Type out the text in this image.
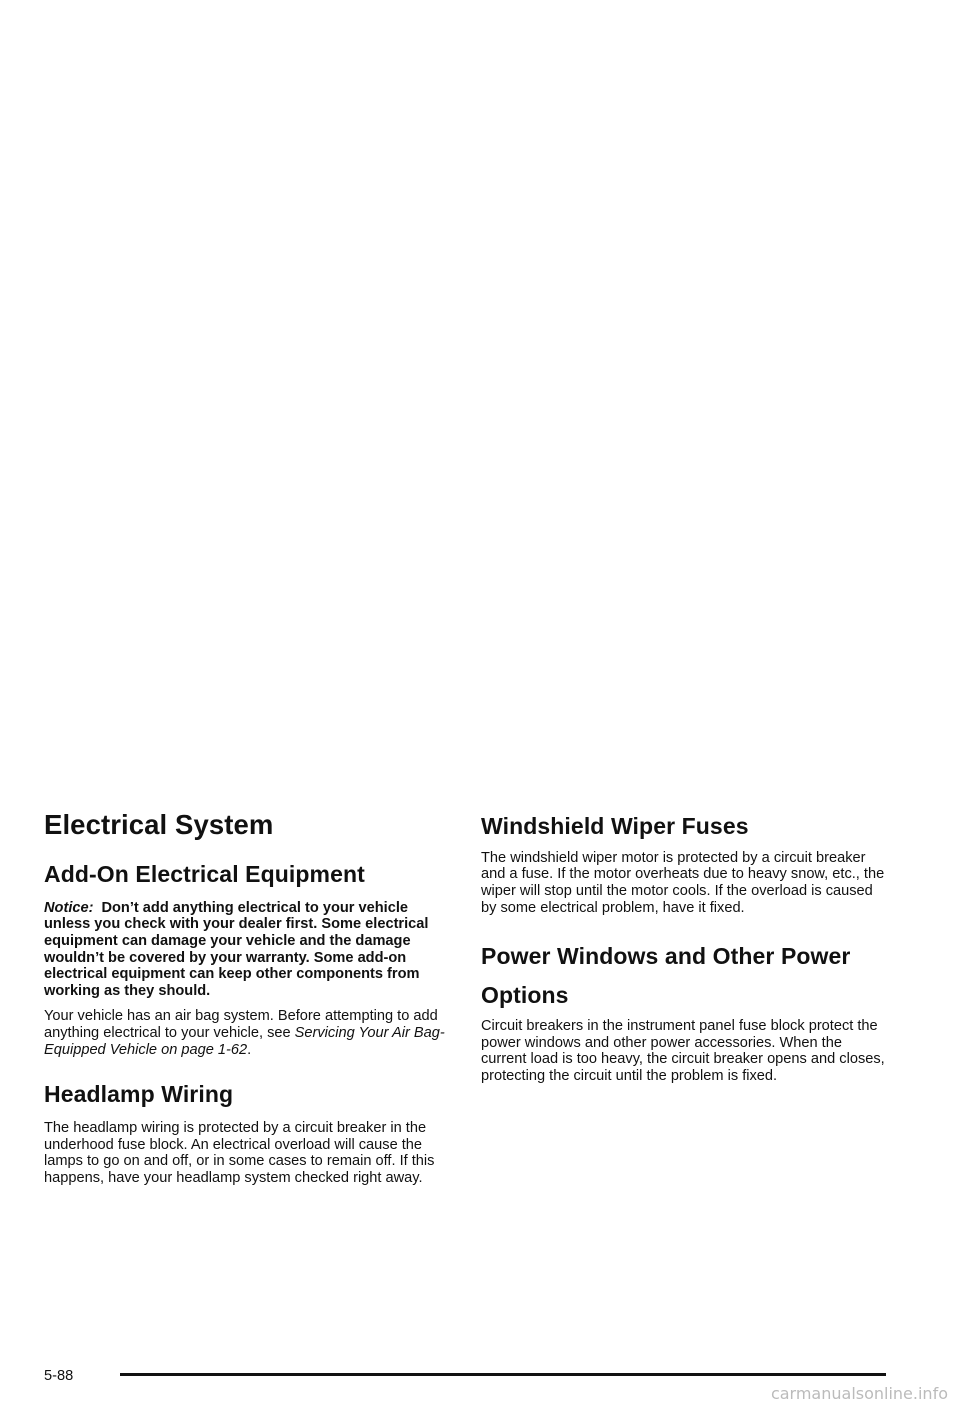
Electrical System
Add-On Electrical Equipment

Notice: Don’t add anything electrical to your vehicle unless you check with your dealer first. Some electrical equipment can damage your vehicle and the damage wouldn’t be covered by your warranty. Some add-on electrical equipment can keep other components from working as they should.

Your vehicle has an air bag system. Before attempting to add anything electrical to your vehicle, see Servicing Your Air Bag-Equipped Vehicle on page 1-62.

Headlamp Wiring

The headlamp wiring is protected by a circuit breaker in the underhood fuse block. An electrical overload will cause the lamps to go on and off, or in some cases to remain off. If this happens, have your headlamp system checked right away.

Windshield Wiper Fuses

The windshield wiper motor is protected by a circuit breaker and a fuse. If the motor overheats due to heavy snow, etc., the wiper will stop until the motor cools. If the overload is caused by some electrical problem, have it fixed.

Power Windows and Other Power Options

Circuit breakers in the instrument panel fuse block protect the power windows and other power accessories. When the current load is too heavy, the circuit breaker opens and closes, protecting the circuit until the problem is fixed.

5-88
carmanualsonline.info
